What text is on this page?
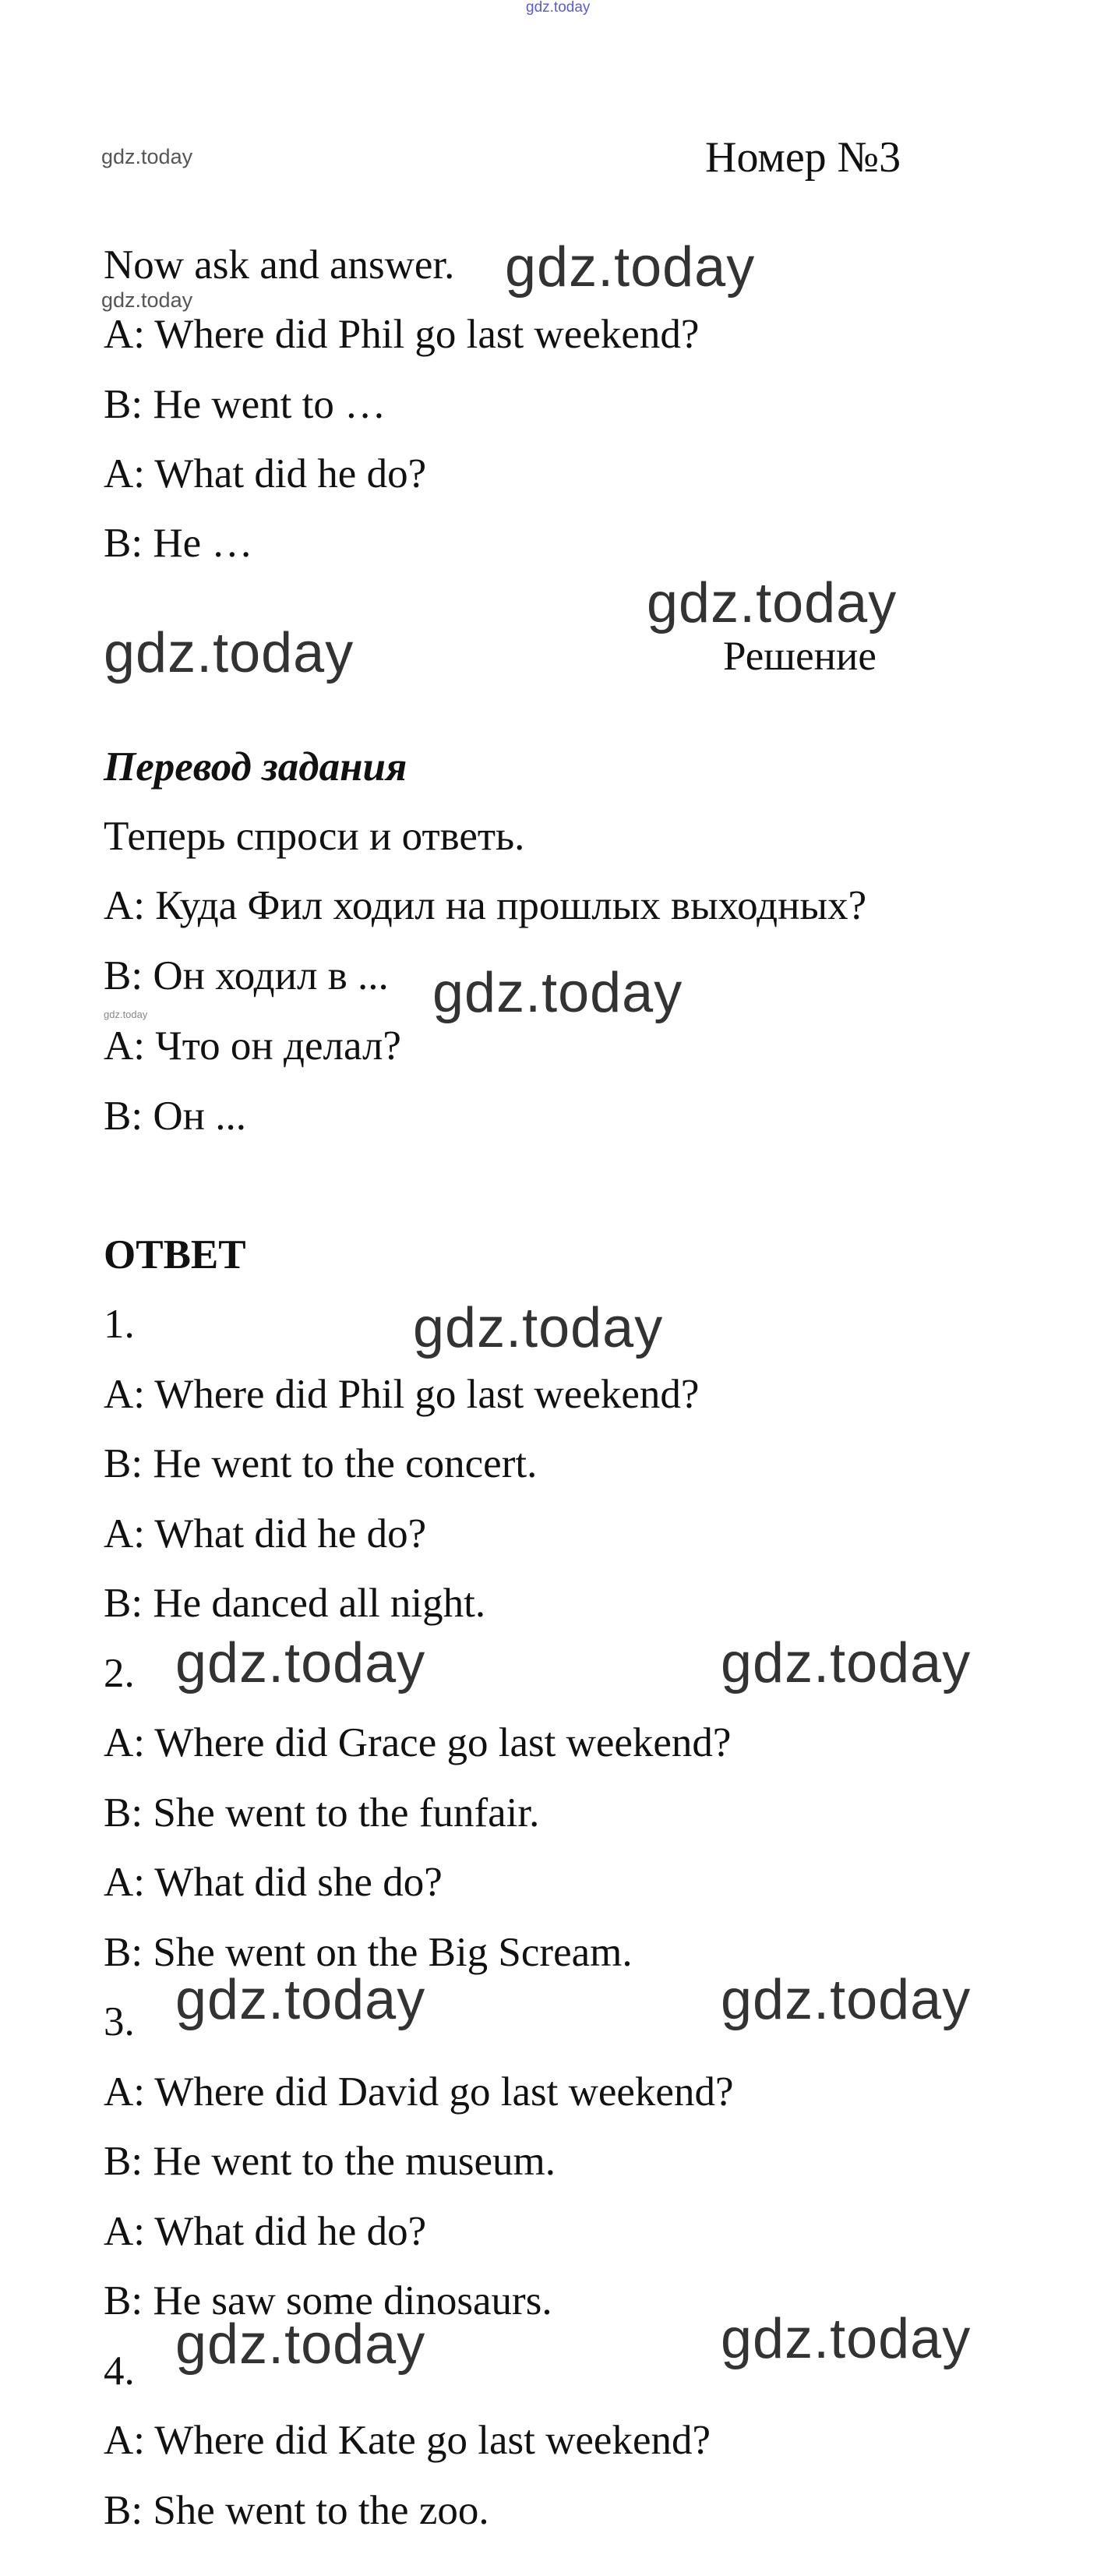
gdz.today
gdz.today
gdz.today
gdz.today
gdz.today
gdz.today
gdz.today
gdz.today
gdz.today
gdz.today	gdz.today
gdz.today	gdz.today
gdz.today	gdz.today
Номер №3
Now ask and answer.
A: Where did Phil go last weekend?
B: He went to …
A: What did he do?
B: He …
Решение
Перевод задания
Теперь спроси и ответь.
A: Куда Фил ходил на прошлых выходных?
B: Он ходил в ...
A: Что он делал?
B: Он ...
ОТВЕТ
1.
A: Where did Phil go last weekend?
B: He went to the concert.
A: What did he do?
B: He danced all night.
2.
A: Where did Grace go last weekend?
B: She went to the funfair.
A: What did she do?
B: She went on the Big Scream.
3.
A: Where did David go last weekend?
B: He went to the museum.
A: What did he do?
B: He saw some dinosaurs.
4.
A: Where did Kate go last weekend?
B: She went to the zoo.
